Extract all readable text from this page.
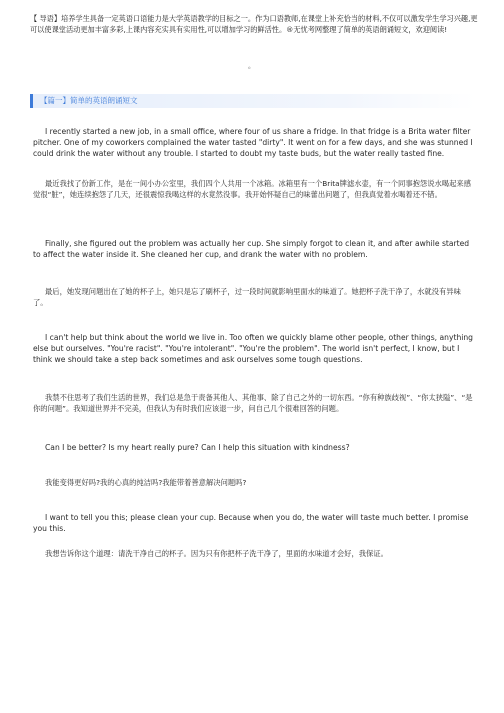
【 导语】培养学生具备一定英语口语能力是大学英语教学的目标之一。作为口语教师,在课堂上补充恰当的材料,不仅可以激发学生学习兴趣,更可以使课堂活动更加丰富多彩,上课内容充实具有实用性,可以增加学习的鲜活性。®无忧考网整理了简单的英语朗诵短文，欢迎阅读!
。
【篇一】简单的英语朗诵短文

I recently started a new job, in a small office, where four of us share a fridge. In that fridge is a Brita water filter pitcher. One of my coworkers complained the water tasted "dirty". It went on for a few days, and she was stunned I could drink the water without any trouble. I started to doubt my taste buds, but the water really tasted fine.

最近我找了份新工作，是在一间小办公室里，我们四个人共用一个冰箱。冰箱里有一个Brita牌滤水壶，有一个同事抱怨说水喝起来感觉很“脏”，她连续抱怨了几天，还很震惊我喝这样的水竟然没事。我开始怀疑自己的味蕾出问题了，但我真觉着水喝着还不错。

Finally, she figured out the problem was actually her cup. She simply forgot to clean it, and after awhile started to affect the water inside it. She cleaned her cup, and drank the water with no problem.

最后，她发现问题出在了她的杯子上，她只是忘了刷杯子，过一段时间就影响里面水的味道了。她把杯子洗干净了，水就没有异味了。

I can't help but think about the world we live in. Too often we quickly blame other people, other things, anything else but ourselves. "You're racist". "You're intolerant". "You're the problem". The world isn't perfect, I know, but I think we should take a step back sometimes and ask ourselves some tough questions.

我禁不住思考了我们生活的世界，我们总是急于责备其他人、其他事、除了自己之外的一切东西。“你有种族歧视”、“你太狭隘”、“是你的问题”。我知道世界并不完美，但我认为有时我们应该退一步，问自己几个很难回答的问题。

Can I be better? Is my heart really pure? Can I help this situation with kindness?

我能变得更好吗?我的心真的纯洁吗?我能带着善意解决问题吗?

I want to tell you this; please clean your cup. Because when you do, the water will taste much better. I promise you this.

我想告诉你这个道理：请洗干净自己的杯子。因为只有你把杯子洗干净了，里面的水味道才会好，我保证。
